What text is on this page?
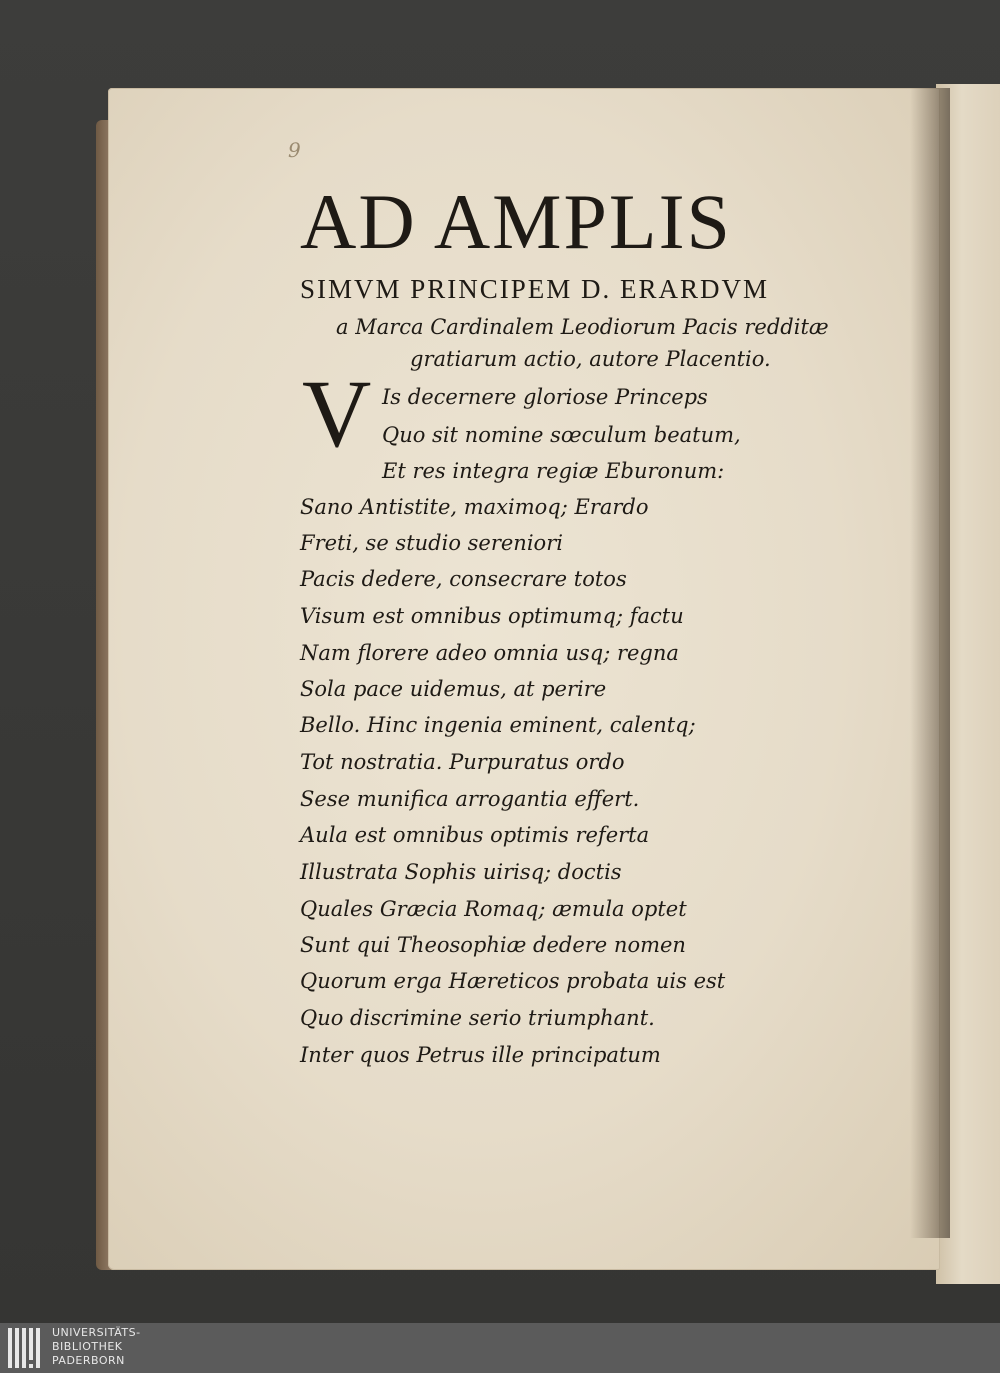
9
AD AMPLIS
SIMVM PRINCIPEM D. ERARDVM
a Marca Cardinalem Leodiorum Pacis redditæ
gratiarum actio, autore Placentio.
V Is decernere gloriose Princeps
Quo sit nomine sœculum beatum,
Et res integra regiæ Eburonum:
Sano Antistite, maximoq; Erardo
Freti, se studio sereniori
Pacis dedere, consecrare totos
Visum est omnibus optimumq; factu
Nam florere adeo omnia usq; regna
Sola pace uidemus, at perire
Bello. Hinc ingenia eminent, calentq;
Tot nostratia. Purpuratus ordo
Sese munifica arrogantia effert.
Aula est omnibus optimis referta
Illustrata Sophis uirisq; doctis
Quales Græcia Romaq; æmula optet
Sunt qui Theosophiæ dedere nomen
Quorum erga Hæreticos probata uis est
Quo discrimine serio triumphant.
Inter quos Petrus ille principatum
UNIVERSITÄTS-
BIBLIOTHEK
PADERBORN
